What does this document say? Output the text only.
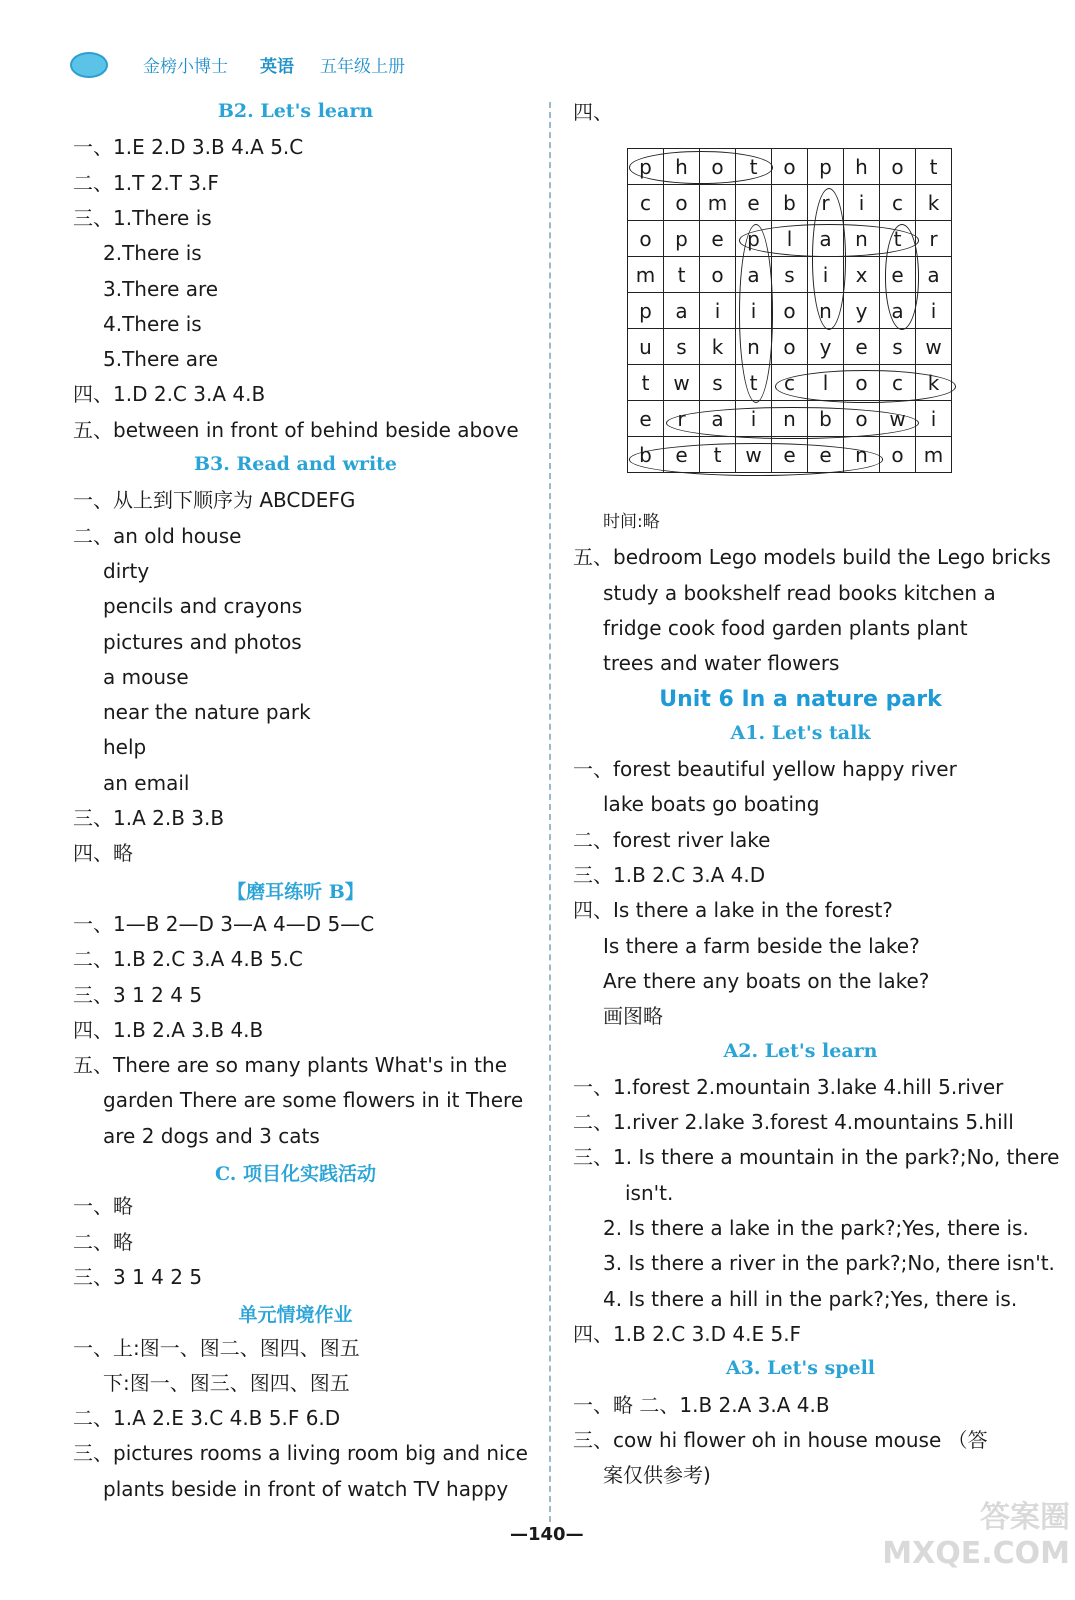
金榜小博士 英语 五年级上册
B2. Let's learn
一、1.E 2.D 3.B 4.A 5.C
二、1.T 2.T 3.F
三、1.There is
2.There is
3.There are
4.There is
5.There are
四、1.D 2.C 3.A 4.B
五、between in front of behind beside above
B3. Read and write
一、从上到下顺序为 ABCDEFG
二、an old house
dirty
pencils and crayons
pictures and photos
a mouse
near the nature park
help
an email
三、1.A 2.B 3.B
四、略
【磨耳练听 B】
一、1—B 2—D 3—A 4—D 5—C
二、1.B 2.C 3.A 4.B 5.C
三、3 1 2 4 5
四、1.B 2.A 3.B 4.B
五、There are so many plants What's in the
garden There are some flowers in it There
are 2 dogs and 3 cats
C. 项目化实践活动
一、略
二、略
三、3 1 4 2 5
单元情境作业
一、上:图一、图二、图四、图五
下:图一、图三、图四、图五
二、1.A 2.E 3.C 4.B 5.F 6.D
三、pictures rooms a living room big and nice
plants beside in front of watch TV happy
四、
p	h	o	t	o	p	h	o	t
c	o	m	e	b	r	i	c	k
o	p	e	p	l	a	n	t	r
m	t	o	a	s	i	x	e	a
p	a	i	i	o	n	y	a	i
u	s	k	n	o	y	e	s	w
t	w	s	t	c	l	o	c	k
e	r	a	i	n	b	o	w	i
b	e	t	w	e	e	n	o	m
时间:略
五、bedroom Lego models build the Lego bricks
study a bookshelf read books kitchen a
fridge cook food garden plants plant
trees and water flowers
Unit 6 In a nature park
A1. Let's talk
一、forest beautiful yellow happy river
lake boats go boating
二、forest river lake
三、1.B 2.C 3.A 4.D
四、Is there a lake in the forest?
Is there a farm beside the lake?
Are there any boats on the lake?
画图略
A2. Let's learn
一、1.forest 2.mountain 3.lake 4.hill 5.river
二、1.river 2.lake 3.forest 4.mountains 5.hill
三、1. Is there a mountain in the park?;No, there
isn't.
2. Is there a lake in the park?;Yes, there is.
3. Is there a river in the park?;No, there isn't.
4. Is there a hill in the park?;Yes, there is.
四、1.B 2.C 3.D 4.E 5.F
A3. Let's spell
一、略 二、1.B 2.A 3.A 4.B
三、cow hi flower oh in house mouse （答
案仅供参考)
—140—	答案圈 MXQE.COM
